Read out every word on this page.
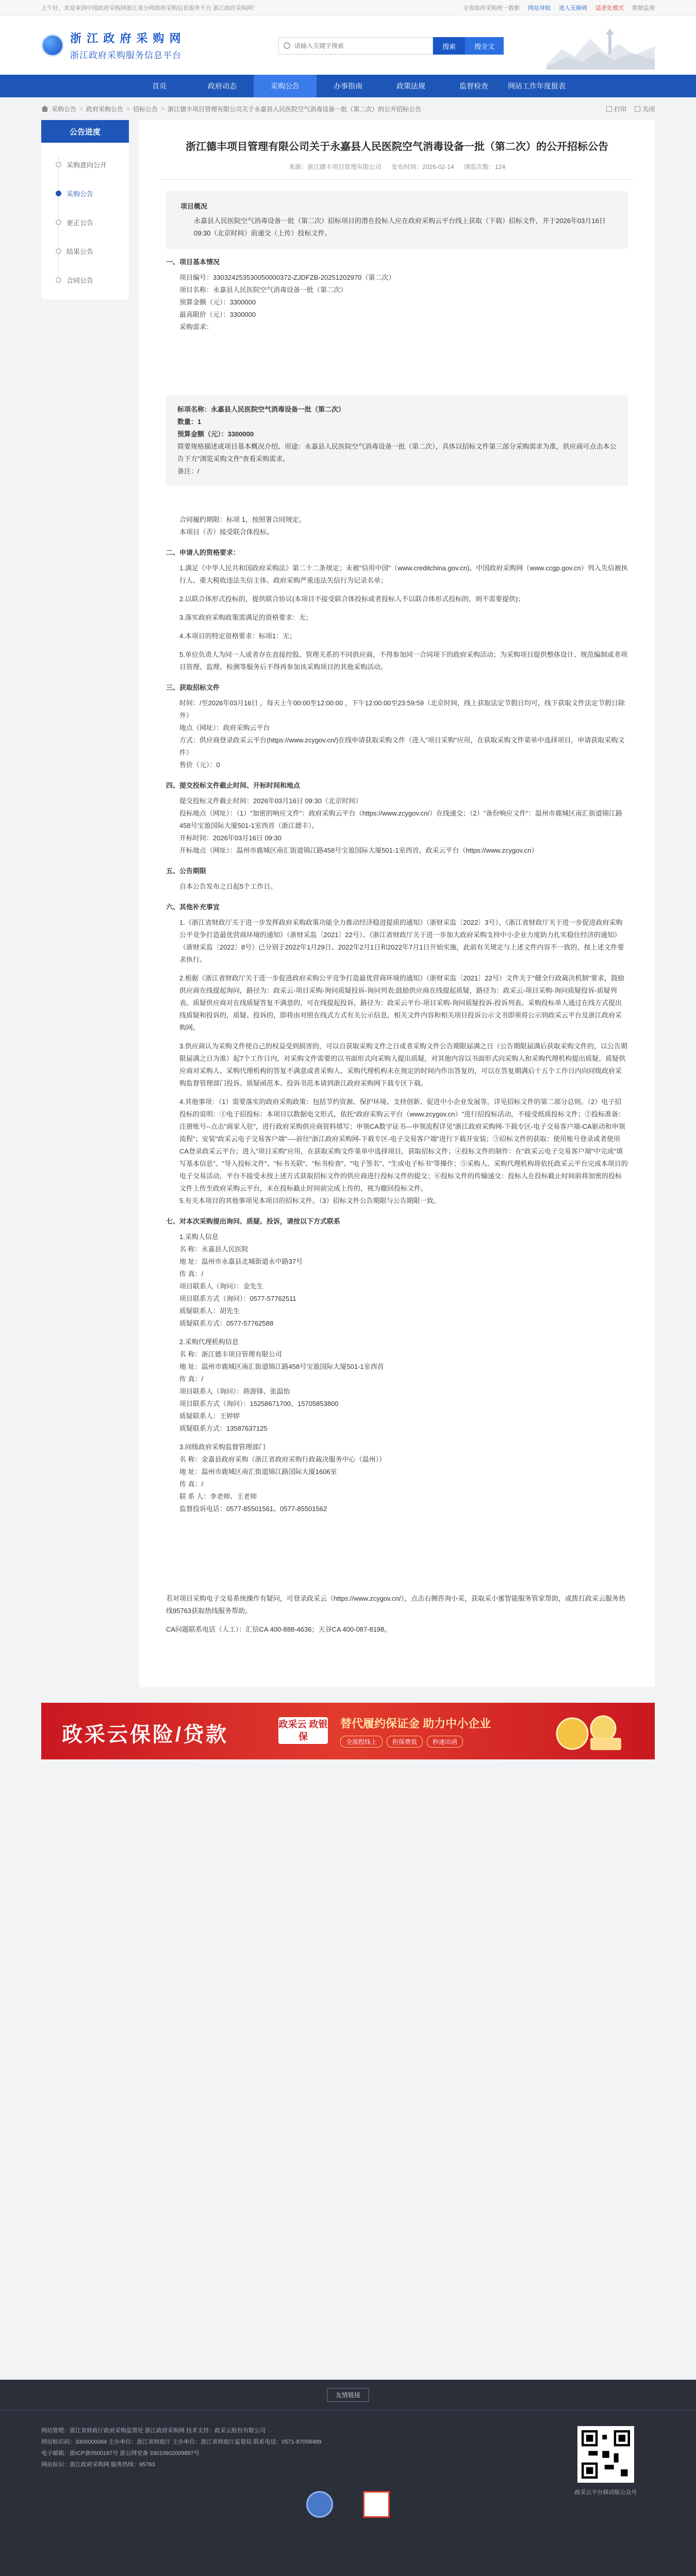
上午好，欢迎来到中国政府采购网浙江省分网政府采购信息服务平台 浙江政府采购网！	全省政府采购统一数据 网站导航 进入无障碍 适老化模式 数据监测
浙 江 政 府 采 购 网
浙江政府采购服务信息平台
请输入关键字搜索
搜索	搜全文
首页	政府动态	采购公告	办事指南	政策法规	监督检查	网站工作年度报表
采购公告 > 政府采购公告 > 招标公告 > 浙江德丰项目管理有限公司关于永嘉县人民医院空气消毒设备一批（第二次）的公开招标公告	打印	关闭
公告进度
采购意向公开
采购公告
更正公告
结果公告
合同公告
浙江德丰项目管理有限公司关于永嘉县人民医院空气消毒设备一批（第二次）的公开招标公告
来源：浙江德丰项目管理有限公司 发布时间：2026-02-14 浏览次数：124
项目概况

永嘉县人民医院空气消毒设备一批（第二次）招标项目的潜在投标人应在政府采购云平台线上获取（下载）招标文件，并于2026年03月16日 09:30（北京时间）前递交（上传）投标文件。

一、项目基本情况

项目编号：330324253530050000372-ZJDFZB-20251202970（第二次）

项目名称：永嘉县人民医院空气消毒设备一批（第二次）

预算金额（元）：3300000

最高限价（元）：3300000

采购需求：

标项名称：永嘉县人民医院空气消毒设备一批（第二次）

数量：1

预算金额（元）：3300000

简要规格描述或项目基本概况介绍、用途：永嘉县人民医院空气消毒设备一批（第二次），具体以招标文件第三部分采购需求为准，供应商可点击本公告下方"浏览采购文件"查看采购需求。

备注：/

合同履约期限：标项 1，按照署合同规定。

本项目（否）接受联合体投标。

二、申请人的资格要求：

1.满足《中华人民共和国政府采购法》第二十二条规定；未被"信用中国"（www.creditchina.gov.cn)、中国政府采购网（www.ccgp.gov.cn）列入失信被执行人、重大税收违法失信主体、政府采购严重违法失信行为记录名单；

2.以联合体形式投标的，提供联合协议(本项目不接受联合体投标或者投标人不以联合体形式投标的，则不需要提供)；

3.落实政府采购政策需满足的资格要求：无；

4.本项目的特定资格要求：标项1：无；

5.单位负责人为同一人或者存在直接控股、管理关系的不同供应商，不得参加同一合同项下的政府采购活动；为采购项目提供整体设计、规范编制或者项目管理、监理、检测等服务后不得再参加该采购项目的其他采购活动。

三、获取招标文件

时间：/至2026年03月16日 ，每天上午00:00至12:00:00 ，下午12:00:00至23:59:59（北京时间，线上获取法定节假日均可，线下获取文件法定节假日除外）

地点（网址）：政府采购云平台

方式：供应商登录政采云平台(https://www.zcygov.cn/)在线申请获取采购文件（进入"项目采购"应用，在获取采购文件菜单中选择项目，申请获取采购文件）

售价（元）：0

四、提交投标文件截止时间、开标时间和地点

提交投标文件截止时间：2026年03月16日 09:30（北京时间）

投标地点（网址）：（1）"加密的响应文件"：政府采购云平台（https://www.zcygov.cn/）在线递交；（2）"备份响应文件"：温州市鹿城区南汇街道锦江路458号宝盈国际大厦501-1室西首（浙江德丰）。

开标时间：2026年03月16日 09:30

开标地点（网址）：温州市鹿城区南汇街道锦江路458号宝盈国际大厦501-1室西首，政采云平台（https://www.zcygov.cn）

五、公告期限

自本公告发布之日起5个工作日。

六、其他补充事宜

1.《浙江省财政厅关于进一步发挥政府采购政策功能全力推动经济稳进提质的通知》（浙财采监〔2022〕3号）、《浙江省财政厅关于进一步促进政府采购公平竞争打造最优营商环境的通知》（浙财采监〔2021〕22号）、《浙江省财政厅关于进一步加大政府采购支持中小企业力度助力扎实稳住经济的通知》（浙财采监〔2022〕8号）已分别于2022年1月29日、2022年2月1日和2022年7月1日开始实施，此前有关规定与上述文件内容不一致的，按上述文件要求执行。

2.根据《浙江省财政厅关于进一步促进政府采购公平竞争打造最优营商环境的通知》（浙财采监〔2021〕22号）文件关于"健全行政裁决机制"要求，鼓励供应商在线提起询问，路径为：政采云-项目采购-询问质疑投诉-询问列表;鼓励供应商在线提起质疑，路径为：政采云-项目采购-询问质疑投诉-质疑列表。质疑供应商对在线质疑答复不满意的，可在线提起投诉，路径为：政采云平台-项目采购-询问质疑投诉-投诉列表。采购投标单人通过在线方式提出线质疑和投诉的，质疑、投诉的，即将由对照在线式方式有关公示信息，相关文件内容和相关项目投诉公示文书即须将公示到政采云平台及浙江政府采购网。

3.供应商认为采购文件使自己的权益受到损害的，可以自获取采购文件之日或者采购文件公告期限届满之日（公告期限届满后获取采购文件的，以公告期限届满之日为准）起7个工作日内，对采购文件需要的以书面形式向采购人提出质疑，对其他内容以书面形式向采购人和采购代理机构提出质疑。质疑供应商对采购人、采购代理机构的答复不满意或者采购人、采购代理机构未在规定的时间内作出答复的，可以在答复期满后十五个工作日内向同级政府采购监督管理部门投诉。质疑函范本、投诉书范本请到浙江政府采购网下载专区下载。

4.其他事项：（1）需要落实的政府采购政策：包括节约资源、保护环境、支持创新、促进中小企业发展等。详见招标文件的第二部分总则。（2）电子招投标的说明：①电子招投标：本项目以数据电文形式，依托"政府采购云平台（www.zcygov.cn）"进行招投标活动，不接受纸质投标文件；②投标准备：注册账号--点击"商家入驻"，进行政府采购供应商资料填写；申领CA数字证书---申领流程详见"浙江政府采购网-下载专区-电子交易客户端-CA驱动和申领流程"；安装"政采云电子交易客户端"----前往"浙江政府采购网-下载专区-电子交易客户端"进行下载并安装；③招标文件的获取：使用账号登录或者使用CA登录政采云平台；进入"项目采购"应用，在获取采购文件菜单中选择项目，获取招标文件；④投标文件的制作：在"政采云电子交易客户端"中完成"填写基本信息"、"导入投标文件"、"标书关联"、"标书检查"、"电子签名"、"生成电子标书"等操作；⑤采购人、采购代理机构将依托政采云平台完成本项目的电子交易活动，平台不接受未按上述方式获取招标文件的供应商进行投标文件的提交；⑥投标文件的传输递交：投标人在投标截止时间前将加密的投标文件上传至政府采购云平台，未在投标截止时间前完成上传的，视为撤回投标文件。

5.有关本项目的其他事项见本项目的招标文件。（3）招标文件公告期限与公告期限一致。

七、对本次采购提出询问、质疑、投诉，请按以下方式联系

1.采购人信息

名 称：永嘉县人民医院

地 址：温州市永嘉县北城街道永中路37号

传 真：/

项目联系人（询问）：金先生

项目联系方式（询问）：0577-57762511

质疑联系人：胡先生

质疑联系方式：0577-57762588

2.采购代理机构信息

名 称：浙江德丰项目管理有限公司

地 址：温州市鹿城区南汇街道锦江路458号宝盈国际大厦501-1室西首

传 真：/

项目联系人（询问）：蒋游锋、张温怡

项目联系方式（询问）：15258671700、15705853800

质疑联系人：王婷婷

质疑联系方式：13587637125

3.同级政府采购监督管理部门

名 称：金嘉县政府采购（浙江省政府采购行政裁决服务中心（温州））

地 址：温州市鹿城区南汇街道锦江路国际大厦1606室

传 真：/

联 系 人：李老师、王老师

监督投诉电话：0577-85501561、0577-85501562

若对项目采购电子交易系统操作有疑问，可登录政采云（https://www.zcygov.cn/），点击右侧咨询小采，获取采小蜜智能服务管家帮助，或拨打政采云服务热线95763获取热线服务帮助。

CA问题联系电话（人工）：汇信CA 400-888-4636；天谷CA 400-087-8198。

政采云保险/贷款	政采云 政银保
替代履约保证金 助力中小企业
全流程线上	担保费低	秒速出函
友情链接

网站管理：浙江省财政厅政府采购监管处 浙江政府采购网 技术支持：政采云股份有限公司

网站标识码：3300000064 主办单位：浙江省财政厅 主办单位：浙江省财政厅监管局 联系电话：0571-87058489

电子邮箱：浙ICP备0500197号 浙公网安备 33010602009897号

网站标识：浙江政府采购网 服务热线：95763

政采云平台移动版公众号
